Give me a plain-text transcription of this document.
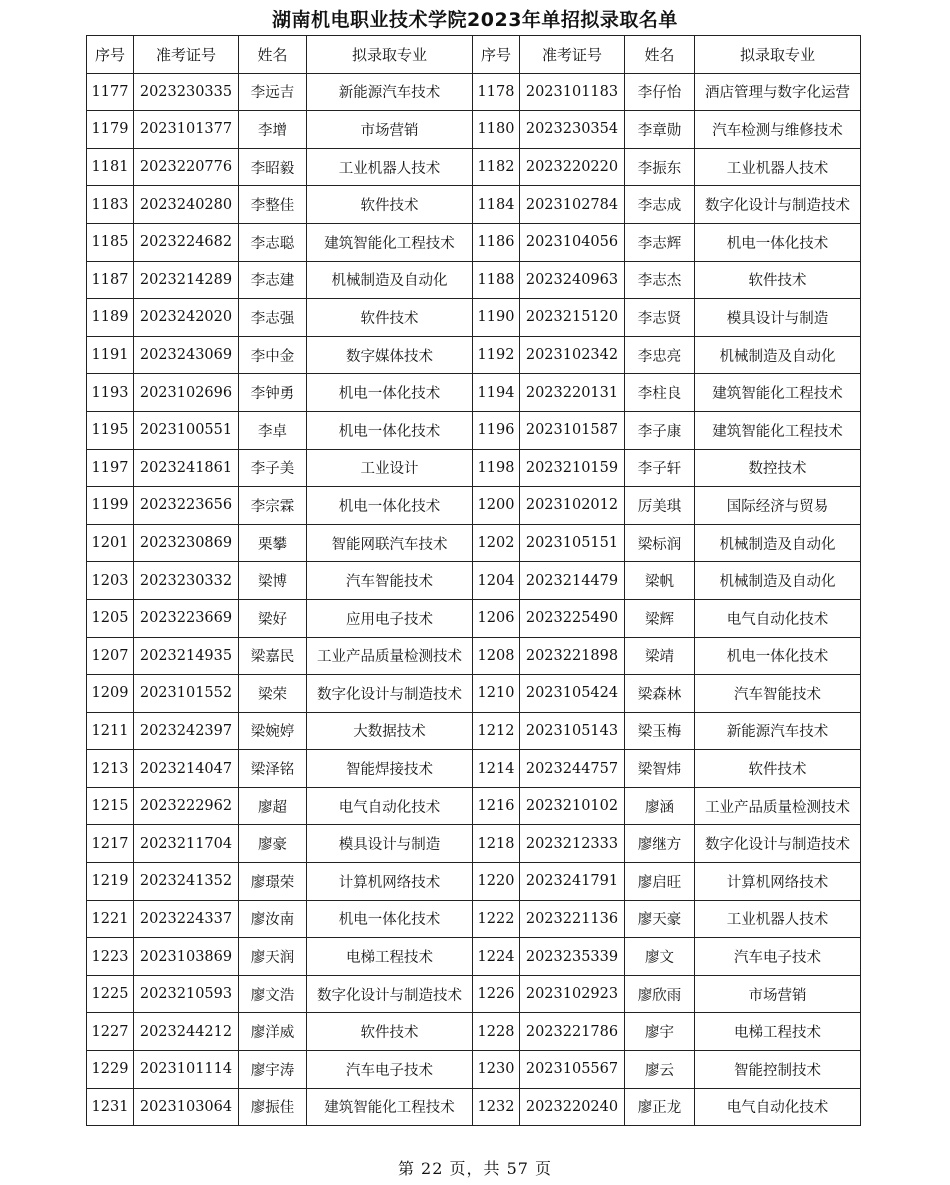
湖南机电职业技术学院2023年单招拟录取名单
序号	准考证号	姓名	拟录取专业	序号	准考证号	姓名	拟录取专业
1177	2023230335	李远吉	新能源汽车技术	1178	2023101183	李仔怡	酒店管理与数字化运营
1179	2023101377	李增	市场营销	1180	2023230354	李章勋	汽车检测与维修技术
1181	2023220776	李昭毅	工业机器人技术	1182	2023220220	李振东	工业机器人技术
1183	2023240280	李整佳	软件技术	1184	2023102784	李志成	数字化设计与制造技术
1185	2023224682	李志聪	建筑智能化工程技术	1186	2023104056	李志辉	机电一体化技术
1187	2023214289	李志建	机械制造及自动化	1188	2023240963	李志杰	软件技术
1189	2023242020	李志强	软件技术	1190	2023215120	李志贤	模具设计与制造
1191	2023243069	李中金	数字媒体技术	1192	2023102342	李忠亮	机械制造及自动化
1193	2023102696	李钟勇	机电一体化技术	1194	2023220131	李柱良	建筑智能化工程技术
1195	2023100551	李卓	机电一体化技术	1196	2023101587	李子康	建筑智能化工程技术
1197	2023241861	李子美	工业设计	1198	2023210159	李子轩	数控技术
1199	2023223656	李宗霖	机电一体化技术	1200	2023102012	厉美琪	国际经济与贸易
1201	2023230869	栗攀	智能网联汽车技术	1202	2023105151	梁标润	机械制造及自动化
1203	2023230332	梁博	汽车智能技术	1204	2023214479	梁帆	机械制造及自动化
1205	2023223669	梁好	应用电子技术	1206	2023225490	梁辉	电气自动化技术
1207	2023214935	梁嘉民	工业产品质量检测技术	1208	2023221898	梁靖	机电一体化技术
1209	2023101552	梁荣	数字化设计与制造技术	1210	2023105424	梁森林	汽车智能技术
1211	2023242397	梁婉婷	大数据技术	1212	2023105143	梁玉梅	新能源汽车技术
1213	2023214047	梁泽铭	智能焊接技术	1214	2023244757	梁智炜	软件技术
1215	2023222962	廖超	电气自动化技术	1216	2023210102	廖涵	工业产品质量检测技术
1217	2023211704	廖豪	模具设计与制造	1218	2023212333	廖继方	数字化设计与制造技术
1219	2023241352	廖璟荣	计算机网络技术	1220	2023241791	廖启旺	计算机网络技术
1221	2023224337	廖汝南	机电一体化技术	1222	2023221136	廖天豪	工业机器人技术
1223	2023103869	廖天润	电梯工程技术	1224	2023235339	廖文	汽车电子技术
1225	2023210593	廖文浩	数字化设计与制造技术	1226	2023102923	廖欣雨	市场营销
1227	2023244212	廖洋威	软件技术	1228	2023221786	廖宇	电梯工程技术
1229	2023101114	廖宇涛	汽车电子技术	1230	2023105567	廖云	智能控制技术
1231	2023103064	廖振佳	建筑智能化工程技术	1232	2023220240	廖正龙	电气自动化技术
第 22 页，共 57 页
